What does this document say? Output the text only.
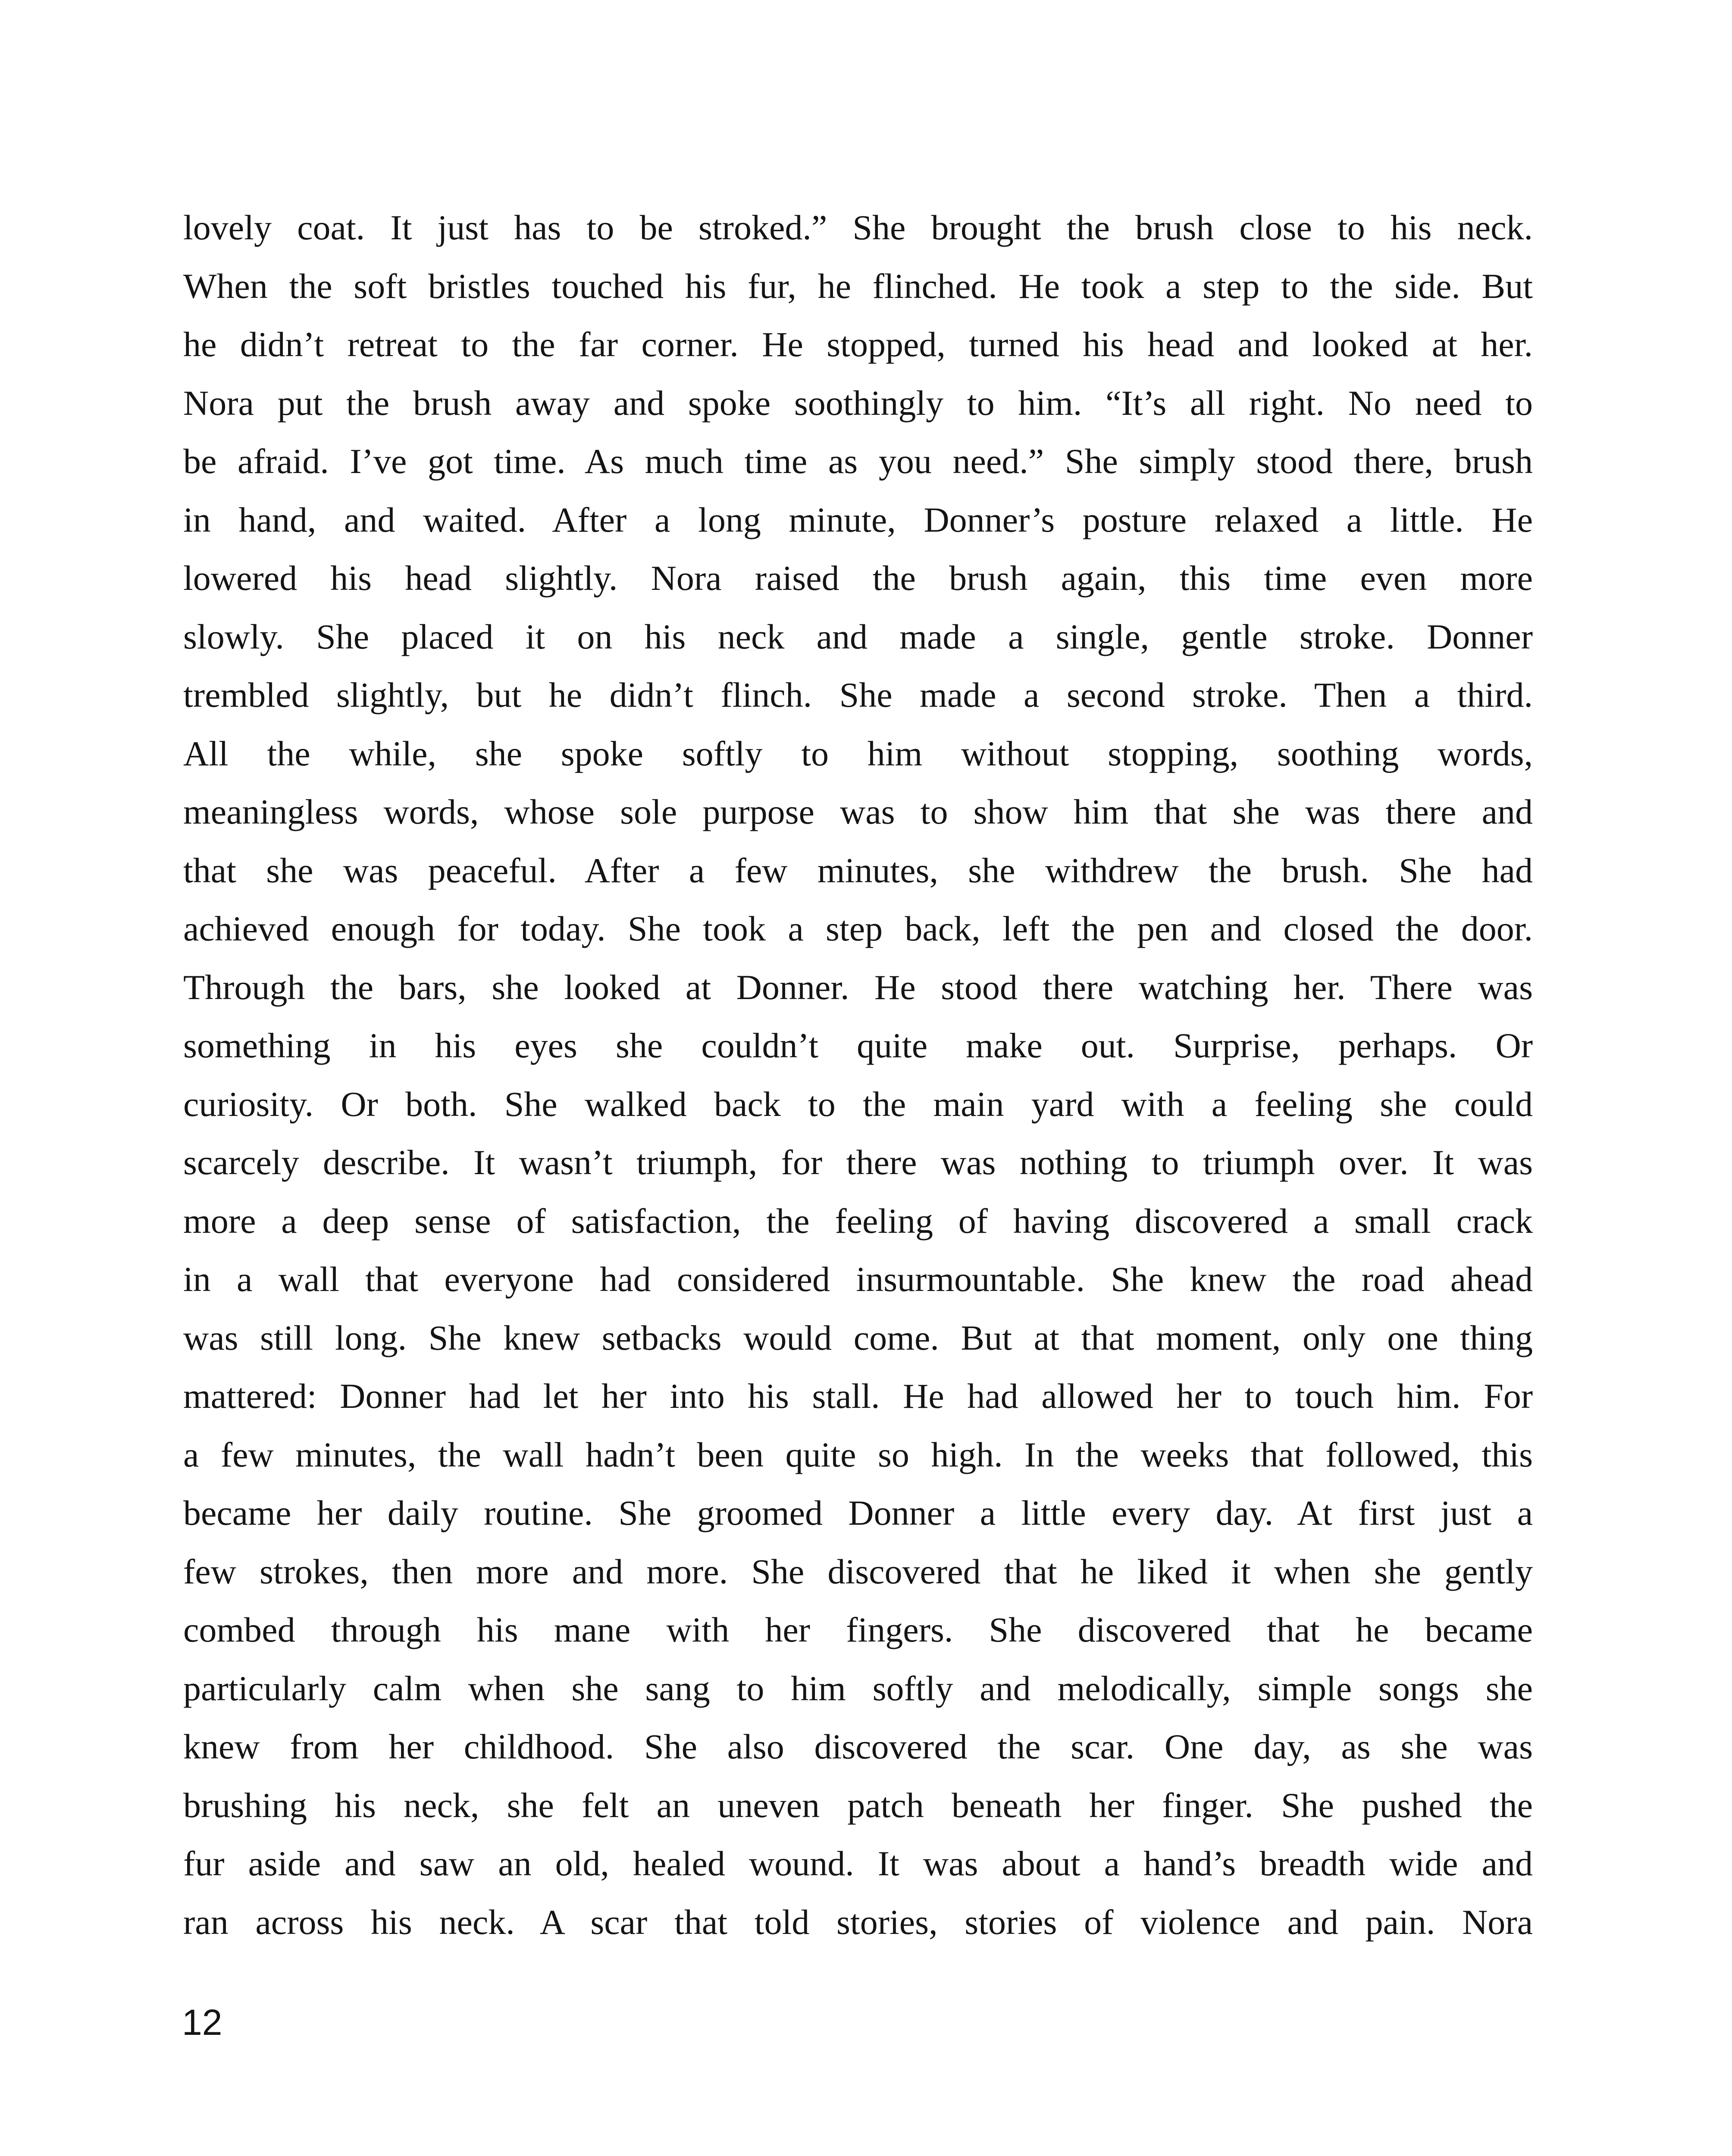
lovely coat. It just has to be stroked.” She brought the brush close to his neck.
When the soft bristles touched his fur, he flinched. He took a step to the side. But
he didn’t retreat to the far corner. He stopped, turned his head and looked at her.
Nora put the brush away and spoke soothingly to him. “It’s all right. No need to
be afraid. I’ve got time. As much time as you need.” She simply stood there, brush
in hand, and waited. After a long minute, Donner’s posture relaxed a little. He
lowered his head slightly. Nora raised the brush again, this time even more
slowly. She placed it on his neck and made a single, gentle stroke. Donner
trembled slightly, but he didn’t flinch. She made a second stroke. Then a third.
All the while, she spoke softly to him without stopping, soothing words,
meaningless words, whose sole purpose was to show him that she was there and
that she was peaceful. After a few minutes, she withdrew the brush. She had
achieved enough for today. She took a step back, left the pen and closed the door.
Through the bars, she looked at Donner. He stood there watching her. There was
something in his eyes she couldn’t quite make out. Surprise, perhaps. Or
curiosity. Or both. She walked back to the main yard with a feeling she could
scarcely describe. It wasn’t triumph, for there was nothing to triumph over. It was
more a deep sense of satisfaction, the feeling of having discovered a small crack
in a wall that everyone had considered insurmountable. She knew the road ahead
was still long. She knew setbacks would come. But at that moment, only one thing
mattered: Donner had let her into his stall. He had allowed her to touch him. For
a few minutes, the wall hadn’t been quite so high. In the weeks that followed, this
became her daily routine. She groomed Donner a little every day. At first just a
few strokes, then more and more. She discovered that he liked it when she gently
combed through his mane with her fingers. She discovered that he became
particularly calm when she sang to him softly and melodically, simple songs she
knew from her childhood. She also discovered the scar. One day, as she was
brushing his neck, she felt an uneven patch beneath her finger. She pushed the
fur aside and saw an old, healed wound. It was about a hand’s breadth wide and
ran across his neck. A scar that told stories, stories of violence and pain. Nora
12
